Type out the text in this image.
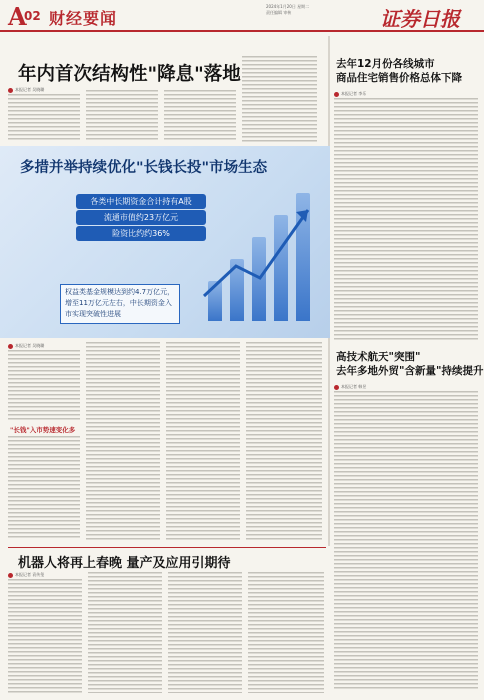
A
02 财经要闻
2024年1月20日 星期二
责任编辑 审核	证券日报
年内首次结构性"降息"落地
本报记者 吴晓璐
去年12月份各线城市
商品住宅销售价格总体下降
本报记者 李乐
多措并举持续优化"长钱长投"市场生态
各类中长期资金合计持有A股
流通市值约23万亿元
险资比约约36%
权益类基金规模达到约4.7万亿元，增至11万亿元左右，中长期资金入市实现突破性进展
本报记者 吴晓璐
"长钱"入市势速变化多
高技术航天"突围"
去年多地外贸"含新量"持续提升
本报记者 韩昱
机器人将再上春晚 量产及应用引期待
本报记者 袁传玺
